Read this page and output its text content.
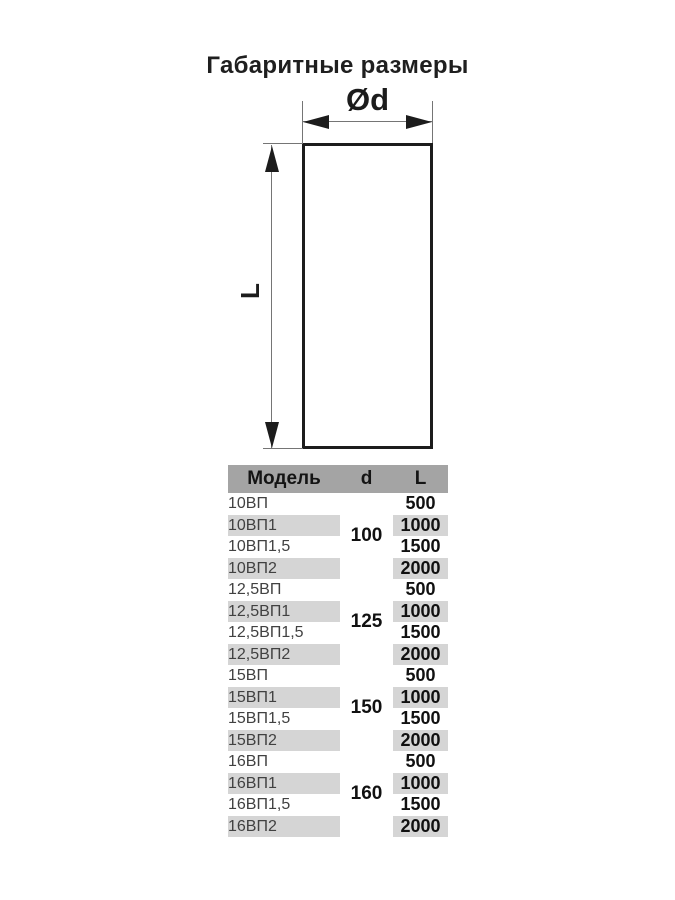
Габаритные размеры
Ød
L
Модель	d	L
10ВП	100	500
10ВП1		1000
10ВП1,5		1500
10ВП2		2000
12,5ВП	125	500
12,5ВП1		1000
12,5ВП1,5		1500
12,5ВП2		2000
15ВП	150	500
15ВП1		1000
15ВП1,5		1500
15ВП2		2000
16ВП	160	500
16ВП1		1000
16ВП1,5		1500
16ВП2		2000
